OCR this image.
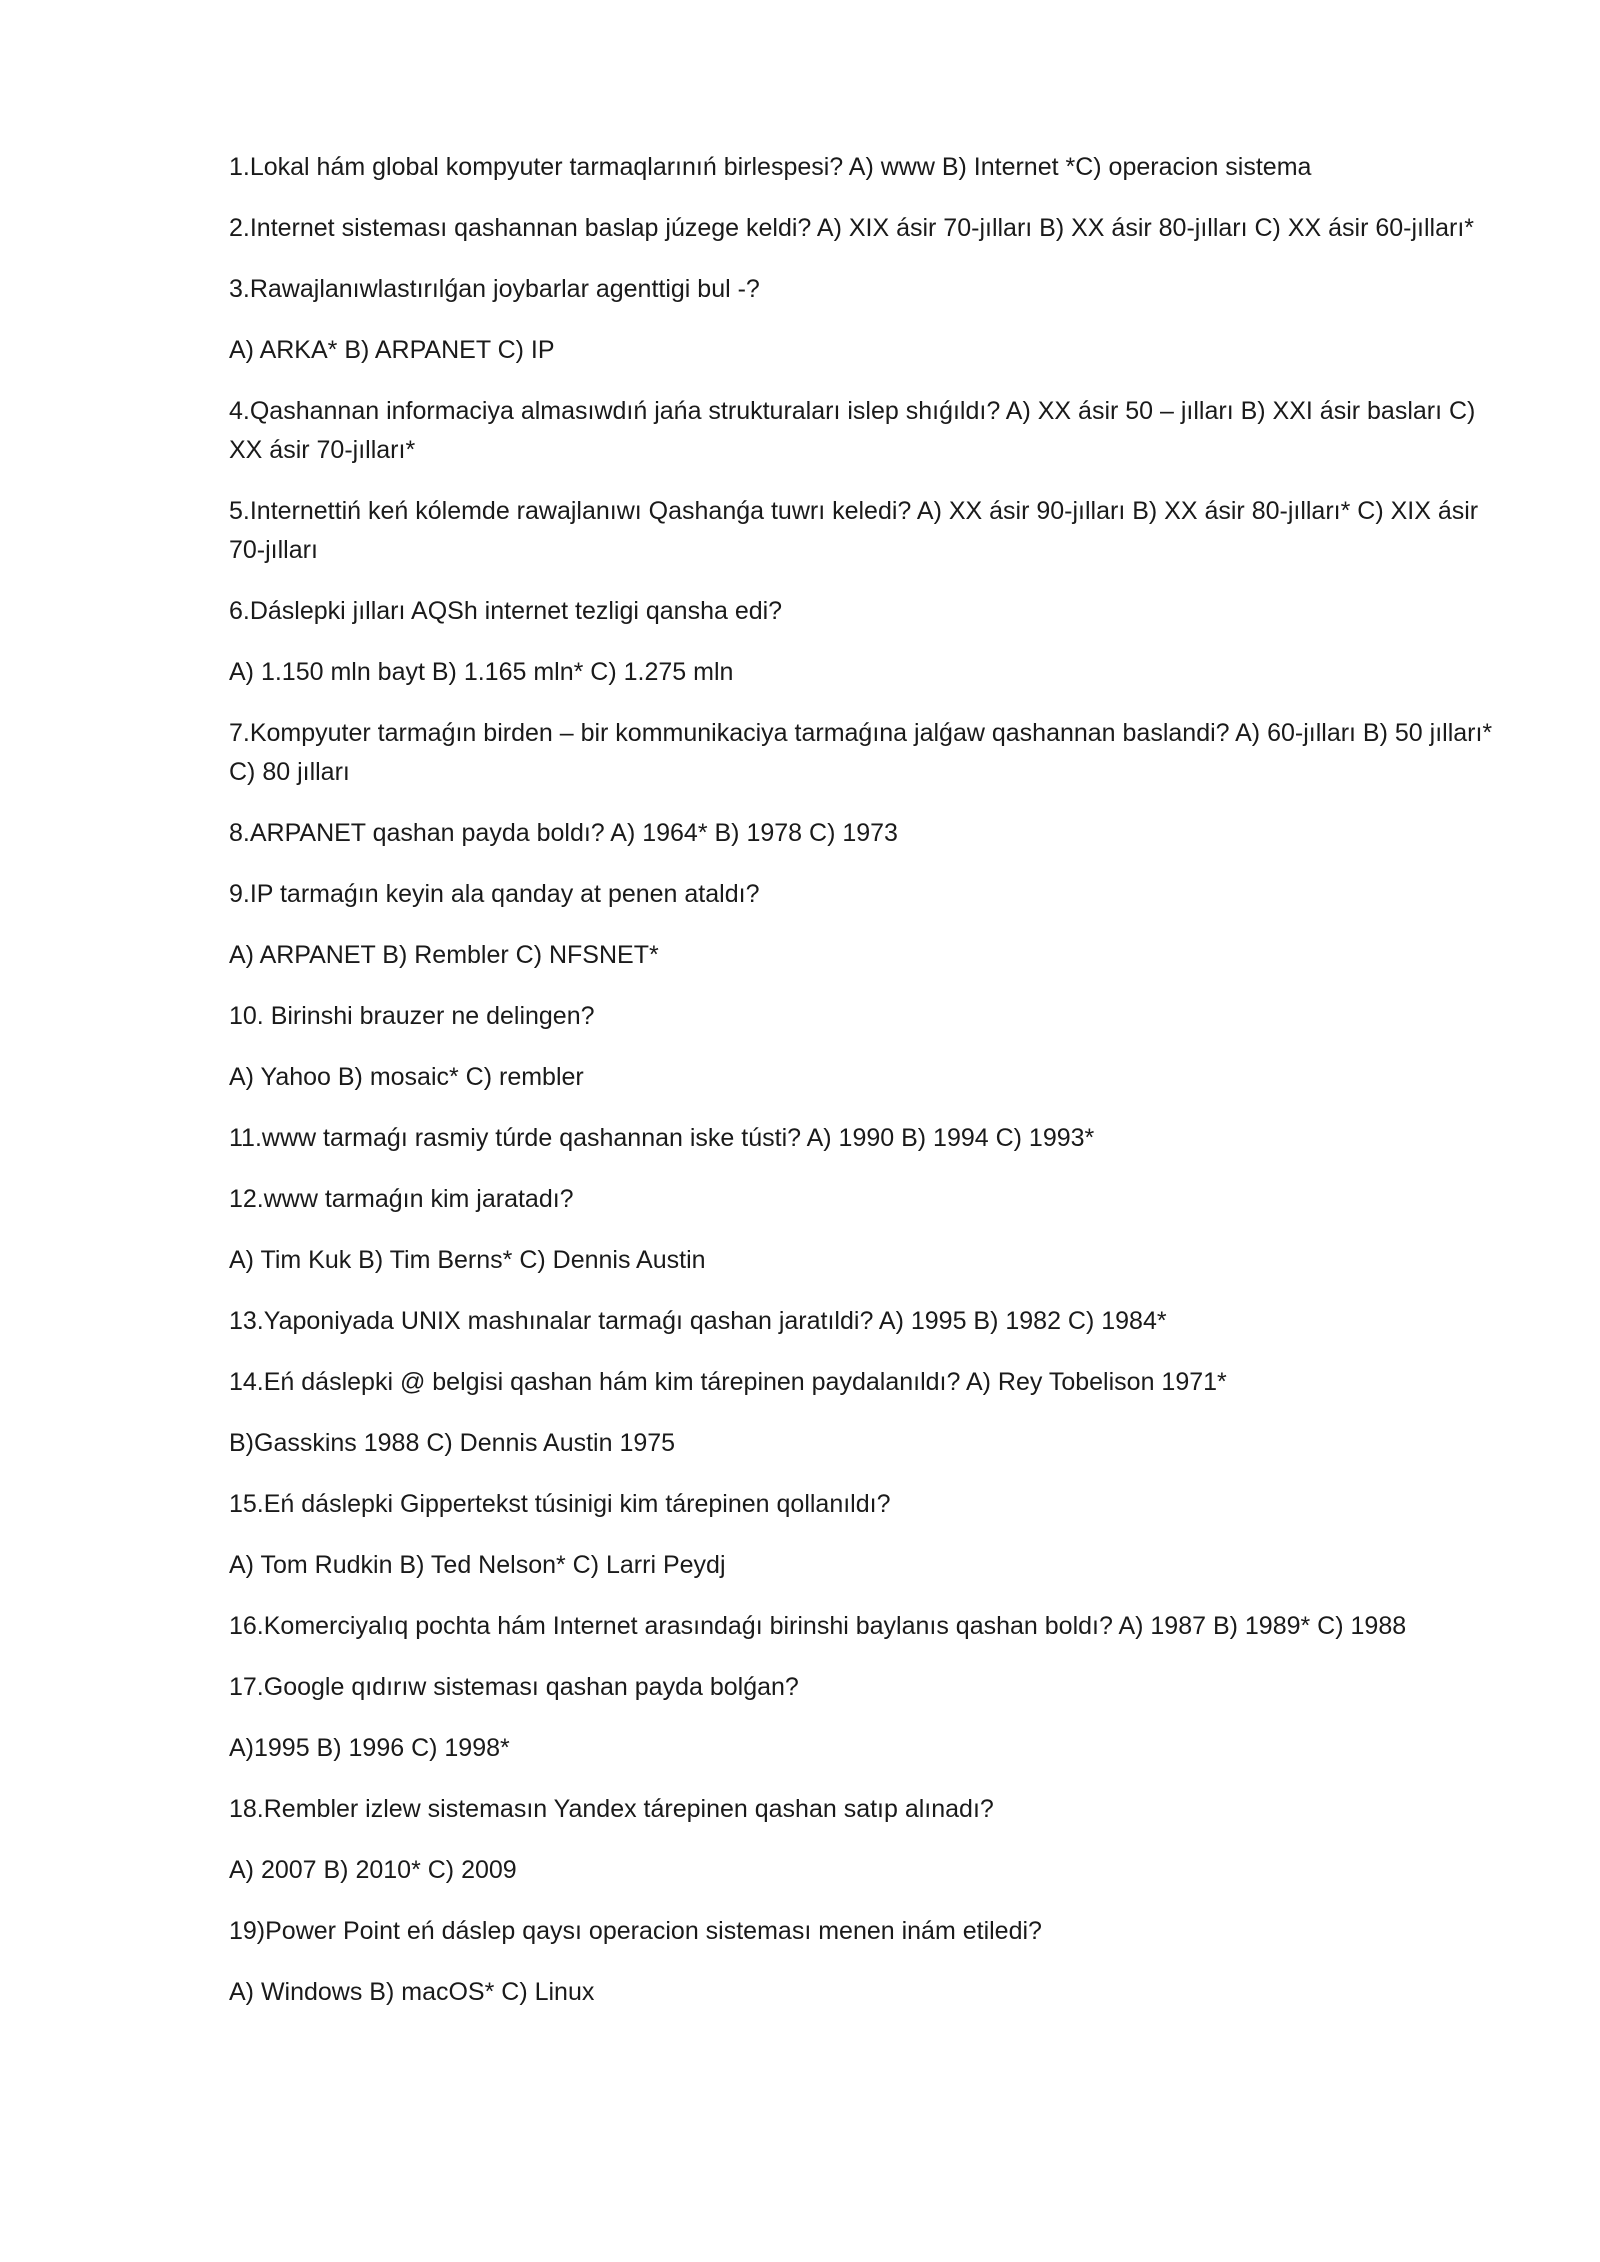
1.Lokal hám global kompyuter tarmaqlarınıń birlespesi? A) www B) Internet *C) operacion sistema

2.Internet sisteması qashannan baslap júzege keldi? A) XIX ásir 70-jılları B) XX ásir 80-jılları C) XX ásir 60-jılları*

3.Rawajlanıwlastırılǵan joybarlar agenttigi bul -?

A) ARKA* B) ARPANET C) IP

4.Qashannan informaciya almasıwdıń jańa strukturaları islep shıǵıldı? A) XX ásir 50 – jılları B) XXI ásir basları C) XX ásir 70-jılları*

5.Internettiń keń kólemde rawajlanıwı Qashanǵa tuwrı keledi? A) XX ásir 90-jılları B) XX ásir 80-jılları* C) XIX ásir 70-jılları

6.Dáslepki jılları AQSh internet tezligi qansha edi?

A) 1.150 mln bayt B) 1.165 mln* C) 1.275 mln

7.Kompyuter tarmaǵın birden – bir kommunikaciya tarmaǵına jalǵaw qashannan baslandi? A) 60-jılları B) 50 jılları* C) 80 jılları

8.ARPANET qashan payda boldı? A) 1964* B) 1978 C) 1973

9.IP tarmaǵın keyin ala qanday at penen ataldı?

A) ARPANET B) Rembler C) NFSNET*

10. Birinshi brauzer ne delingen?

A) Yahoo B) mosaic* C) rembler

11.www tarmaǵı rasmiy túrde qashannan iske tústi? A) 1990 B) 1994 C) 1993*

12.www tarmaǵın kim jaratadı?

A) Tim Kuk B) Tim Berns* C) Dennis Austin

13.Yaponiyada UNIX mashınalar tarmaǵı qashan jaratıldi? A) 1995 B) 1982 C) 1984*

14.Eń dáslepki @ belgisi qashan hám kim tárepinen paydalanıldı? A) Rey Tobelison 1971*

B)Gasskins 1988 C) Dennis Austin 1975

15.Eń dáslepki Gippertekst túsinigi kim tárepinen qollanıldı?

A) Tom Rudkin B) Ted Nelson* C) Larri Peydj

16.Komerciyalıq pochta hám Internet arasındaǵı birinshi baylanıs qashan boldı? A) 1987 B) 1989* C) 1988

17.Google qıdırıw sisteması qashan payda bolǵan?

A)1995 B) 1996 C) 1998*

18.Rembler izlew sistemasın Yandex tárepinen qashan satıp alınadı?

A) 2007 B) 2010* C) 2009

19)Power Point eń dáslep qaysı operacion sisteması menen inám etiledi?

A) Windows B) macOS* C) Linux
